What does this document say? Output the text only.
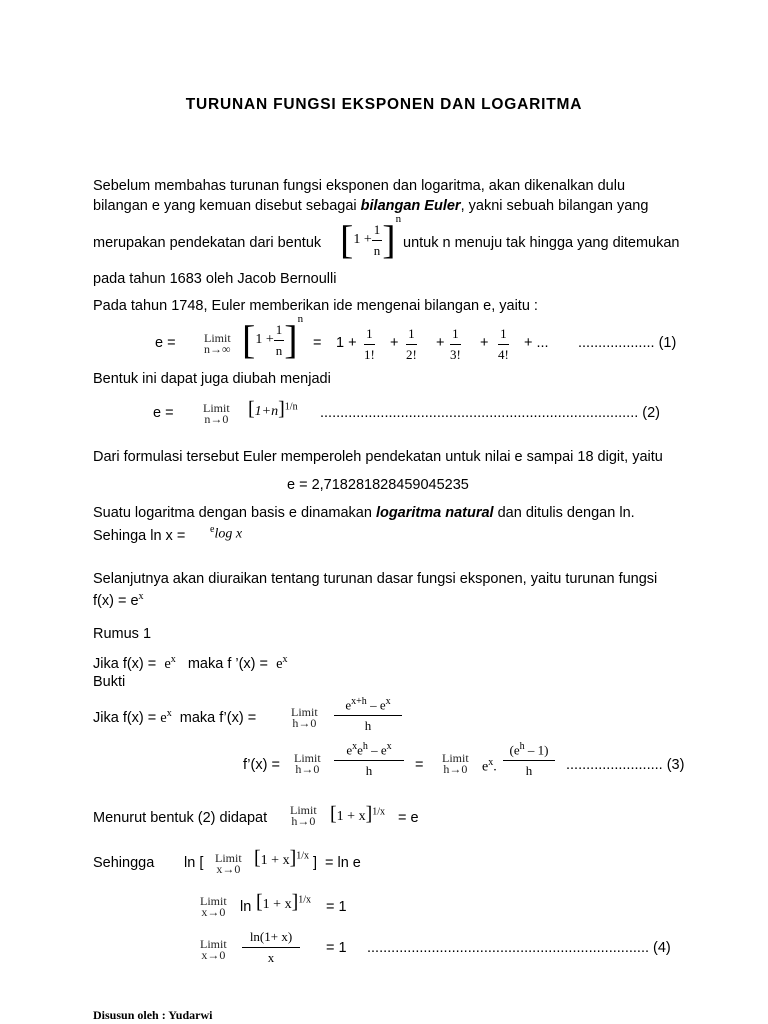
TURUNAN FUNGSI EKSPONEN DAN LOGARITMA
Sebelum membahas turunan fungsi eksponen dan logaritma, akan dikenalkan dulu
bilangan e yang kemuan disebut sebagai bilangan Euler, yakni sebuah bilangan yang
merupakan pendekatan dari bentuk $[1 + \frac{1}{n} ]^n$
untuk n menuju tak hingga yang ditemukan
pada tahun 1683 oleh Jacob Bernoulli
Pada tahun 1748, Euler memberikan ide mengenai bilangan e, yaitu :
e = Limit
n→∞ $[1 + \frac{1}{n} ]^n$
= $1 + \frac{1}{1!} + \frac{1}{2!} + \frac{1}{3!} + \frac{1}{4!}$ + ... ................... (1)
Bentuk ini dapat juga diubah menjadi
e = Limit
n→0 $[1+n]^{1/n}$ ............................................................................... (2)
Dari formulasi tersebut Euler memperoleh pendekatan untuk nilai e sampai 18 digit, yaitu
e = 2,718281828459045235
Suatu logaritma dengan basis e dinamakan logaritma natural dan ditulis dengan ln.
Sehinga ln x = $^e$log x
Selanjutnya akan diuraikan tentang turunan dasar fungsi eksponen, yaitu turunan fungsi
$f(x) = e^x$
Rumus 1
Jika $f(x) = e^x$ maka f ’(x) = $e^x$
Bukti
Jika $f(x) = e^x$ maka f’(x) =	Limit
$h\to 0 \frac{e^{x+h} - e^x}{h}$
f’(x) = Limit
$h\to 0 \frac{e^xe^h - e^x}{h}$ = Limit
h→0 $e^x$. $\frac{(e^h - 1)}{h}$ ........................ (3)
Menurut bentuk (2) didapat Limit
h→0 $[1 + x]^{1/x} = e$
Sehingga ln [ Limit
x→0 $[1 + x]^{1/x}$ ] = ln e
Limit
x→0 $\ln [1 + x]^{1/x} = 1$
Limit
$x\to 0 \frac{\ln(1+ x)}{x} = 1$ ...................................................................... (4)
Disusun oleh : Yudarwi
